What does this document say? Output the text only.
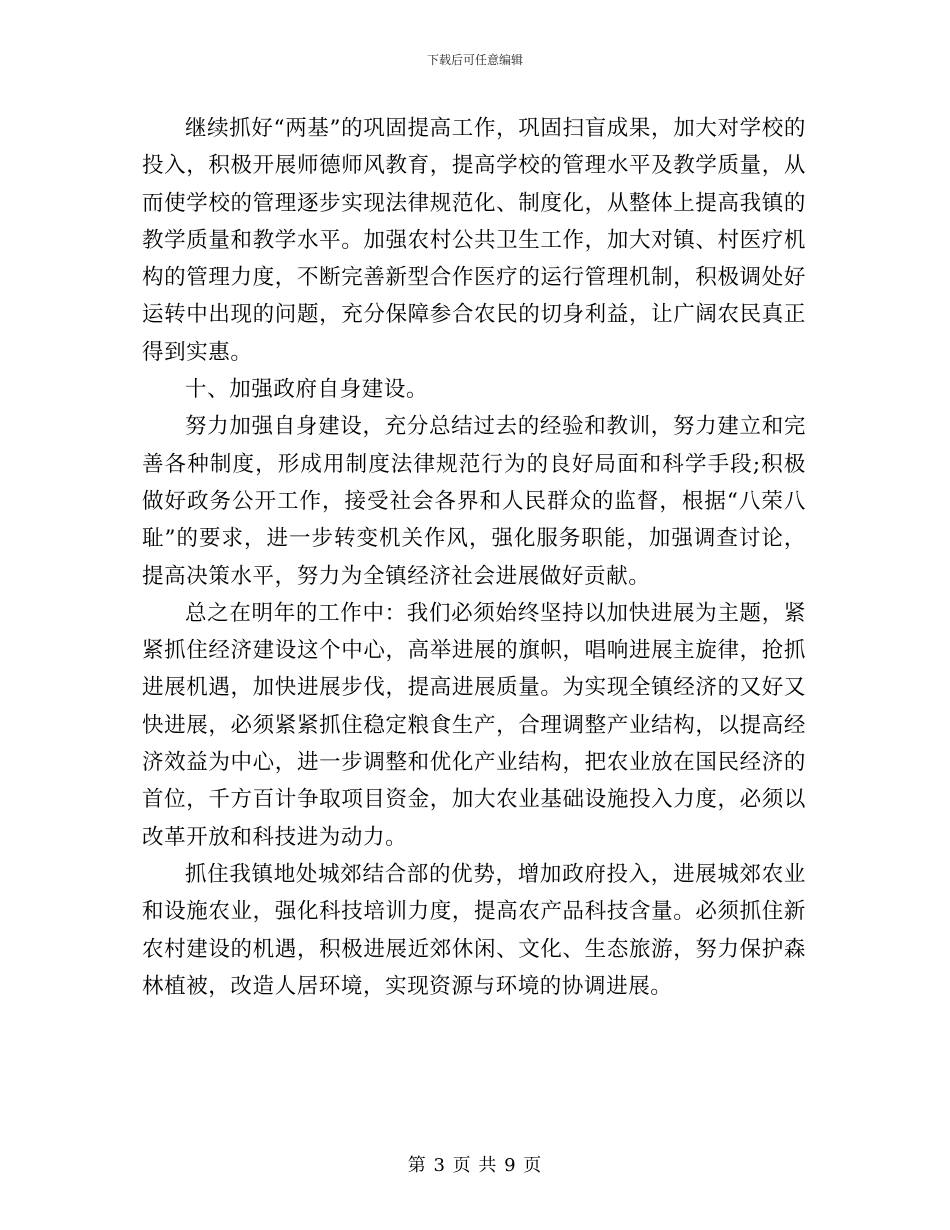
下载后可任意编辑

继续抓好“两基”的巩固提高工作，巩固扫盲成果，加大对学校的投入，积极开展师德师风教育，提高学校的管理水平及教学质量，从而使学校的管理逐步实现法律规范化、制度化，从整体上提高我镇的教学质量和教学水平。加强农村公共卫生工作，加大对镇、村医疗机构的管理力度，不断完善新型合作医疗的运行管理机制，积极调处好运转中出现的问题，充分保障参合农民的切身利益，让广阔农民真正得到实惠。

十、加强政府自身建设。

努力加强自身建设，充分总结过去的经验和教训，努力建立和完善各种制度，形成用制度法律规范行为的良好局面和科学手段;积极做好政务公开工作，接受社会各界和人民群众的监督，根据“八荣八耻”的要求，进一步转变机关作风，强化服务职能，加强调查讨论，提高决策水平，努力为全镇经济社会进展做好贡献。

总之在明年的工作中：我们必须始终坚持以加快进展为主题，紧紧抓住经济建设这个中心，高举进展的旗帜，唱响进展主旋律，抢抓进展机遇，加快进展步伐，提高进展质量。为实现全镇经济的又好又快进展，必须紧紧抓住稳定粮食生产，合理调整产业结构，以提高经济效益为中心，进一步调整和优化产业结构，把农业放在国民经济的首位，千方百计争取项目资金，加大农业基础设施投入力度，必须以改革开放和科技进为动力。

抓住我镇地处城郊结合部的优势，增加政府投入，进展城郊农业和设施农业，强化科技培训力度，提高农产品科技含量。必须抓住新农村建设的机遇，积极进展近郊休闲、文化、生态旅游，努力保护森林植被，改造人居环境，实现资源与环境的协调进展。

第 3 页 共 9 页
